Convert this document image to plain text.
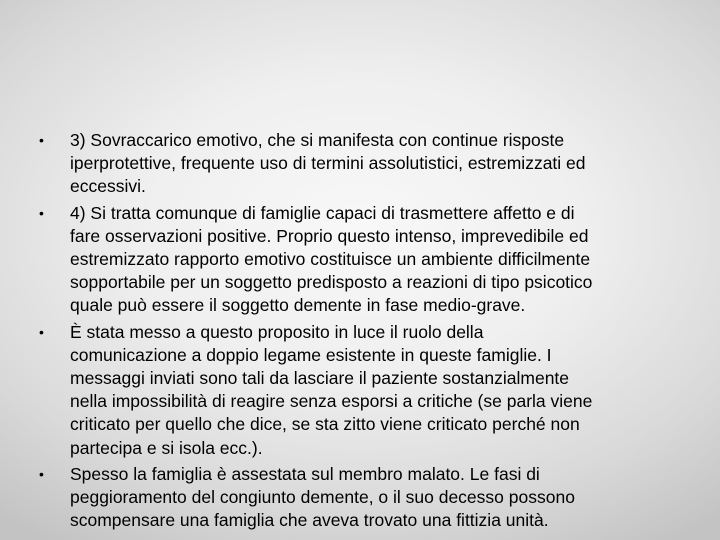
•	3) Sovraccarico emotivo, che si manifesta con continue risposte
iperprotettive, frequente uso di termini assolutistici, estremizzati ed
eccessivi.
•	4) Si tratta comunque di famiglie capaci di trasmettere affetto e di
fare osservazioni positive. Proprio questo intenso, imprevedibile ed
estremizzato rapporto emotivo costituisce un ambiente difficilmente
sopportabile per un soggetto predisposto a reazioni di tipo psicotico
quale può essere il soggetto demente in fase medio-grave.
•	È stata messo a questo proposito in luce il ruolo della
comunicazione a doppio legame esistente in queste famiglie. I
messaggi inviati sono tali da lasciare il paziente sostanzialmente
nella impossibilità di reagire senza esporsi a critiche (se parla viene
criticato per quello che dice, se sta zitto viene criticato perché non
partecipa e si isola ecc.).
•	Spesso la famiglia è assestata sul membro malato. Le fasi di
peggioramento del congiunto demente, o il suo decesso possono
scompensare una famiglia che aveva trovato una fittizia unità.
